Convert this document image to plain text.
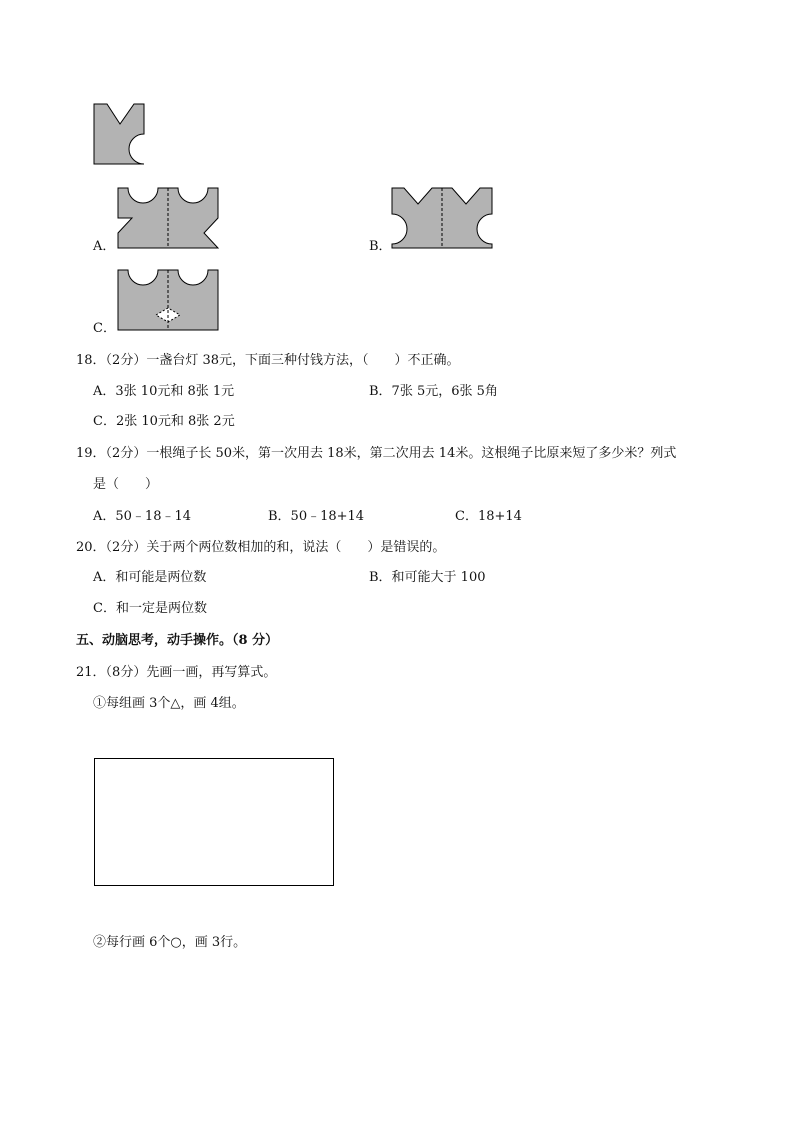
A．	B．
C．
18．（2分）一盏台灯 38元，下面三种付钱方法，（　　）不正确。
A．3张 10元和 8张 1元	B．7张 5元，6张 5角
C．2张 10元和 8张 2元
19．（2分）一根绳子长 50米，第一次用去 18米，第二次用去 14米。这根绳子比原来短了多少米？列式
是（　　）
A．50﹣18﹣14	B．50﹣18+14	C．18+14
20．（2分）关于两个两位数相加的和，说法（　　）是错误的。
A．和可能是两位数	B．和可能大于 100
C．和一定是两位数
五、动脑思考，动手操作。（8 分）
21．（8分）先画一画，再写算式。
①每组画 3个△，画 4组。
②每行画 6个○，画 3行。
